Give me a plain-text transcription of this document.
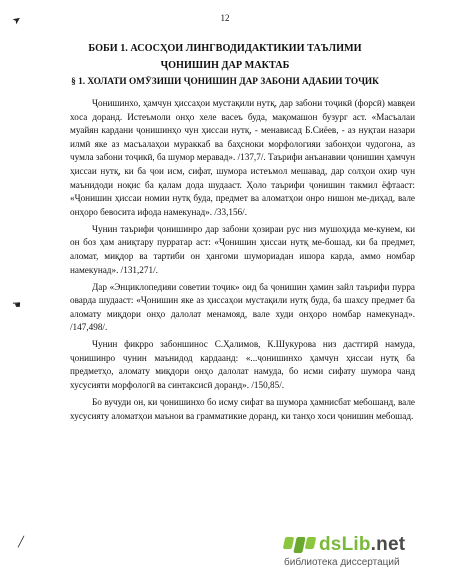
➤
☚
╱
12
БОБИ 1. АСОСҲОИ ЛИНГВОДИДАКТИКИИ ТАЪЛИМИ
ҶОНИШИН ДАР МАКТАБ
§ 1. ХОЛАТИ ОМӮЗИШИ ҶОНИШИН ДАР ЗАБОНИ АДАБИИ ТОҶИК

Ҷонишинхо, ҳамчун ҳиссаҳои мустақили нутқ, дар забони тоҷикӣ (форсӣ) мавқеи хоса доранд. Истеъмоли онҳо хеле васеъ буда, мақомашон бузург аст. «Масъалаи муайян кардани ҷонишинҳо чун ҳиссаи нутқ, - менависад Б.Сиёев, - аз нуқтаи назари илмӣ яке аз масъалаҳои мураккаб ва баҳсноки морфологияи забонҳои чудогона, аз чумла забони тоҷикӣ, ба шумор меравад». /137,7/. Таърифи анъанавии ҷонишин ҳамчун ҳиссаи нутқ, ки ба ҷои исм, сифат, шумора истеъмол мешавад, дар солҳои охир чун маънидоди ноқис ба қалам дода шудааст. Ҳоло таърифи ҷонишин такмил ёфтааст: «Ҷонишин ҳиссаи номии нутқ буда, предмет ва аломатҳои онро нишон ме-диҳад, вале онҳоро бевосита ифода намекунад». /33,156/.

Чунин таърифи ҷонишинро дар забони ҳозираи рус низ мушоҳида ме-кунем, ки он боз ҳам аниқтару пурратар аст: «Ҷонишин ҳиссаи нутқ ме-бошад, ки ба предмет, аломат, миқдор ва тартиби он ҳангоми шумориадан ишора карда, аммо номбар намекунад». /131,271/.

Дар «Энциклопедияи советии тоҷик» оид ба ҷонишин ҳамин зайл таърифи пурра оварда шудааст: «Ҷонишин яке аз ҳиссаҳои мустақили нутқ буда, ба шахсу предмет ба аломату миқдори онҳо далолат менамояд, вале худи онҳоро номбар намекунад». /147,498/.

Чунин фикрро забоншинос С.Ҳалимов, К.Шукурова низ дастгирӣ намуда, ҷонишинро чунин маънидод кардаанд: «...ҷонишинхо ҳамчун ҳиссаи нутқ ба предметҳо, аломату миқдори онҳо далолат намуда, бо исми сифату шумора чанд хусусияти морфологӣ ва синтаксисӣ доранд». /150,85/.

Бо вучуди он, ки ҷонишинхо бо исму сифат ва шумора ҳамнисбат мебошанд, вале хусусияту аломатҳои маънои ва грамматикие доранд, ки танҳо хоси ҷонишин мебошад.

dsLib.net
библиотека диссертаций
